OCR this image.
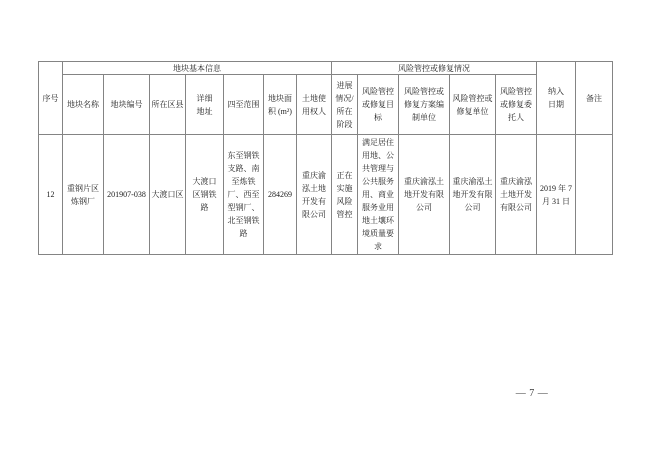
序号	地块基本信息							风险管控或修复情况					纳入日期	备注
	地块名称	地块编号	所在区县	详细地址	四至范围	地块面积 (m²)	土地使用权人	进展情况/所在阶段	风险管控或修复目标	风险管控或修复方案编制单位	风险管控或修复单位	风险管控或修复委托人		
12	重钢片区炼钢厂	201907-038	大渡口区	大渡口区钢铁路	东至钢铁支路、南至炼铁厂、西至型钢厂、北至钢铁路	284269	重庆渝泓土地开发有限公司	正在实施风险管控	满足居住用地、公共管理与公共服务用、商业服务业用地土壤环境质量要求	重庆渝泓土地开发有限公司	重庆渝泓土地开发有限公司	重庆渝泓土地开发有限公司	2019 年 7 月 31 日	
— 7 —
